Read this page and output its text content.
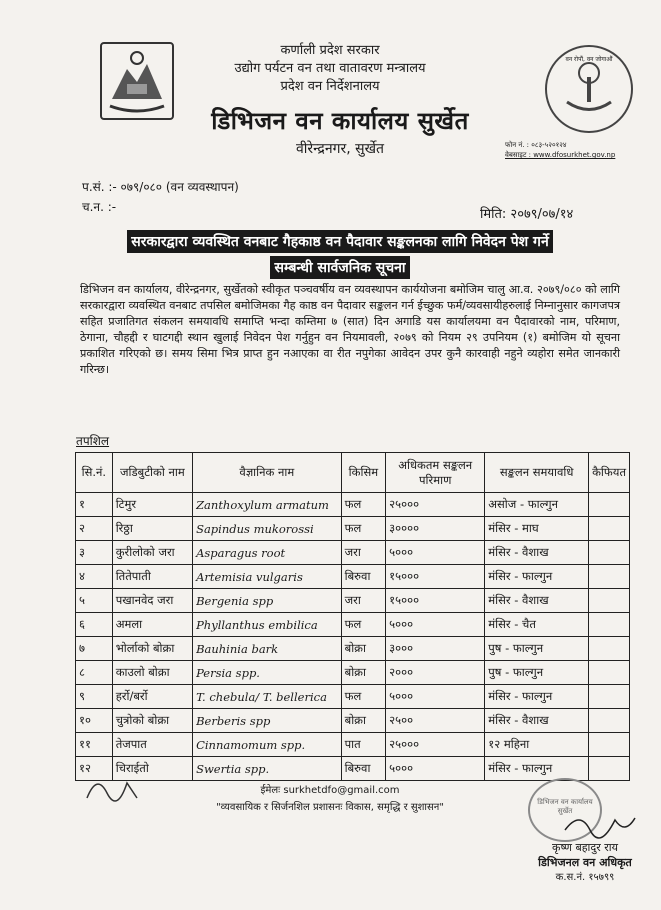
कर्णाली प्रदेश सरकार
उद्योग पर्यटन वन तथा वातावरण मन्त्रालय
प्रदेश वन निर्देशनालय
डिभिजन वन कार्यालय सुर्खेत
वीरेन्द्रनगर, सुर्खेत
वन रोपौं, वन जोगाऔं
फोन नं. : ०८३-५२०१२४
वेबसाइट : www.dfosurkhet.gov.np
प.सं. :- ०७९/०८० (वन व्यवस्थापन)
च.न. :-	मिति: २०७९/०७/१४
सरकारद्वारा व्यवस्थित वनबाट गैहकाष्ठ वन पैदावार सङ्कलनका लागि निवेदन पेश गर्ने
सम्बन्धी सार्वजनिक सूचना
डिभिजन वन कार्यालय, वीरेन्द्रनगर, सुर्खेतको स्वीकृत पञ्चवर्षीय वन व्यवस्थापन कार्ययोजना बमोजिम चालु आ.व. २०७९/०८० को लागि सरकारद्वारा व्यवस्थित वनबाट तपसिल बमोजिमका गैह काष्ठ वन पैदावार सङ्कलन गर्न ईच्छुक फर्म/व्यवसायीहरुलाई निम्नानुसार कागजपत्र सहित प्रजातिगत संकलन समयावधि समाप्ति भन्दा कम्तिमा ७ (सात) दिन अगाडि यस कार्यालयमा वन पैदावारको नाम, परिमाण, ठेगाना, चौहद्दी र घाटगद्दी स्थान खुलाई निवेदन पेश गर्नुहुन वन नियमावली, २०७९ को नियम २९ उपनियम (१) बमोजिम यो सूचना प्रकाशित गरिएको छ। समय सिमा भित्र प्राप्त हुन नआएका वा रीत नपुगेका आवेदन उपर कुनै कारवाही नहुने व्यहोरा समेत जानकारी गरिन्छ।
तपशिल
सि.नं.	जडिबुटीको नाम	वैज्ञानिक नाम	किसिम	अधिकतम सङ्कलन परिमाण	सङ्कलन समयावधि	कैफियत
१	टिमुर	Zanthoxylum armatum	फल	२५०००	असोज - फाल्गुन	
२	रिठ्ठा	Sapindus mukorossi	फल	३००००	मंसिर - माघ	
३	कुरीलोको जरा	Asparagus root	जरा	५०००	मंसिर - वैशाख	
४	तितेपाती	Artemisia vulgaris	बिरुवा	१५०००	मंसिर - फाल्गुन	
५	पखानवेद जरा	Bergenia spp	जरा	१५०००	मंसिर - वैशाख	
६	अमला	Phyllanthus embilica	फल	५०००	मंसिर - चैत	
७	भोर्लाको बोक्रा	Bauhinia bark	बोक्रा	३०००	पुष - फाल्गुन	
८	काउलो बोक्रा	Persia spp.	बोक्रा	२०००	पुष - फाल्गुन	
९	हर्रो/बर्रो	T. chebula/ T. bellerica	फल	५०००	मंसिर - फाल्गुन	
१०	चुत्रोको बोक्रा	Berberis spp	बोक्रा	२५००	मंसिर - वैशाख	
११	तेजपात	Cinnamomum spp.	पात	२५०००	१२ महिना	
१२	चिराईतो	Swertia spp.	बिरुवा	५०००	मंसिर - फाल्गुन	
ईमेलः surkhetdfo@gmail.com
"व्यवसायिक र सिर्जनशिल प्रशासनः विकास, समृद्धि र सुशासन"	डिभिजन वन कार्यालय सुर्खेत
कृष्ण बहादुर राय
डिभिजनल वन अधिकृत
क.स.नं. १५७९९
